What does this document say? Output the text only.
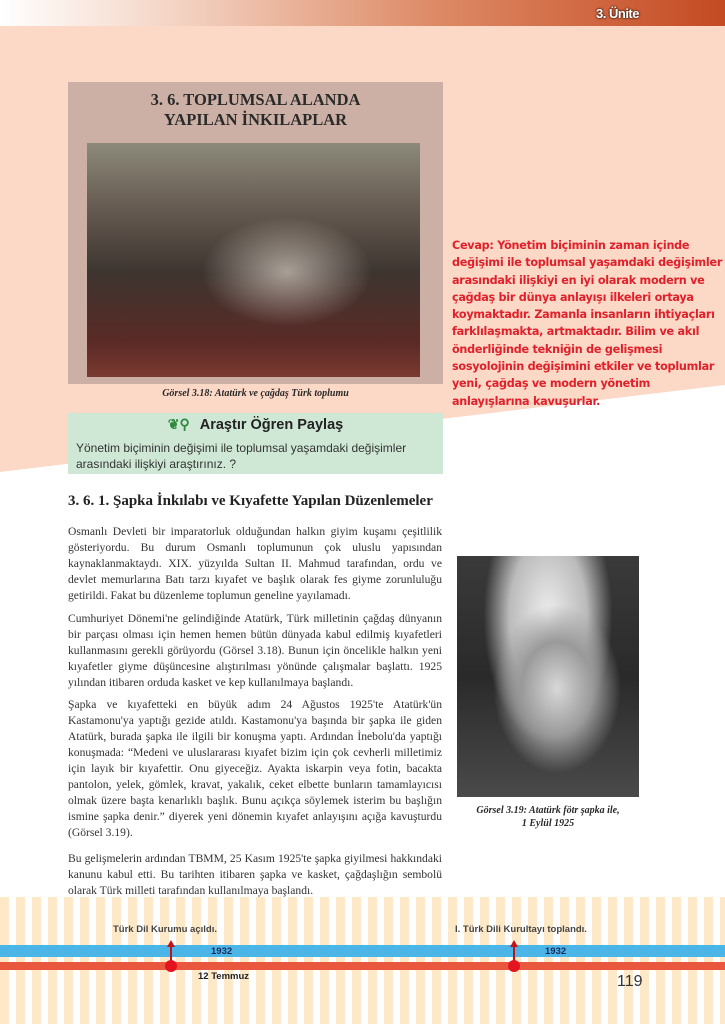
3. Ünite
3. 6. TOPLUMSAL ALANDA
YAPILAN İNKILAPLAR
Görsel 3.18: Atatürk ve çağdaş Türk toplumu
Cevap: Yönetim biçiminin zaman içinde değişimi ile toplumsal yaşamdaki değişimler arasındaki ilişkiyi en iyi olarak modern ve çağdaş bir dünya anlayışı ilkeleri ortaya koymaktadır. Zamanla insanların ihtiyaçları farklılaşmakta, artmaktadır. Bilim ve akıl önderliğinde tekniğin de gelişmesi sosyolojinin değişimini etkiler ve toplumlar yeni, çağdaş ve modern yönetim anlayışlarına kavuşurlar.
❦⚲ Araştır Öğren Paylaş
Yönetim biçiminin değişimi ile toplumsal yaşamdaki değişimler arasındaki ilişkiyi araştırınız. ?
3. 6. 1. Şapka İnkılabı ve Kıyafette Yapılan Düzenlemeler
Osmanlı Devleti bir imparatorluk olduğundan halkın giyim kuşamı çeşitlilik gösteriyordu. Bu durum Osmanlı toplumunun çok uluslu yapısından kaynaklanmaktaydı. XIX. yüzyılda Sultan II. Mahmud tarafından, ordu ve devlet memurlarına Batı tarzı kıyafet ve başlık olarak fes giyme zorunluluğu getirildi. Fakat bu düzenleme toplumun geneline yayılamadı.
Cumhuriyet Dönemi'ne gelindiğinde Atatürk, Türk milletinin çağdaş dünyanın bir parçası olması için hemen hemen bütün dünyada kabul edilmiş kıyafetleri kullanmasını gerekli görüyordu (Görsel 3.18). Bunun için öncelikle halkın yeni kıyafetler giyme düşüncesine alıştırılması yönünde çalışmalar başlattı. 1925 yılından itibaren orduda kasket ve kep kullanılmaya başlandı.
Şapka ve kıyafetteki en büyük adım 24 Ağustos 1925'te Atatürk'ün Kastamonu'ya yaptığı gezide atıldı. Kastamonu'ya başında bir şapka ile giden Atatürk, burada şapka ile ilgili bir konuşma yaptı. Ardından İnebolu'da yaptığı konuşmada: “Medeni ve uluslararası kıyafet bizim için çok cevherli milletimiz için layık bir kıyafettir. Onu giyeceğiz. Ayakta iskarpin veya fotin, bacakta pantolon, yelek, gömlek, kravat, yakalık, ceket elbette bunların tamamlayıcısı olmak üzere başta kenarlıklı başlık. Bunu açıkça söylemek isterim bu başlığın ismine şapka denir.” diyerek yeni dönemin kıyafet anlayışını açığa kavuşturdu (Görsel 3.19).
Bu gelişmelerin ardından TBMM, 25 Kasım 1925'te şapka giyilmesi hakkındaki kanunu kabul etti. Bu tarihten itibaren şapka ve kasket, çağdaşlığın sembolü olarak Türk milleti tarafından kullanılmaya başlandı.
Görsel 3.19: Atatürk fötr şapka ile,
1 Eylül 1925
Türk Dil Kurumu açıldı.	I. Türk Dili Kurultayı toplandı.
1932	1932
12 Temmuz	119
